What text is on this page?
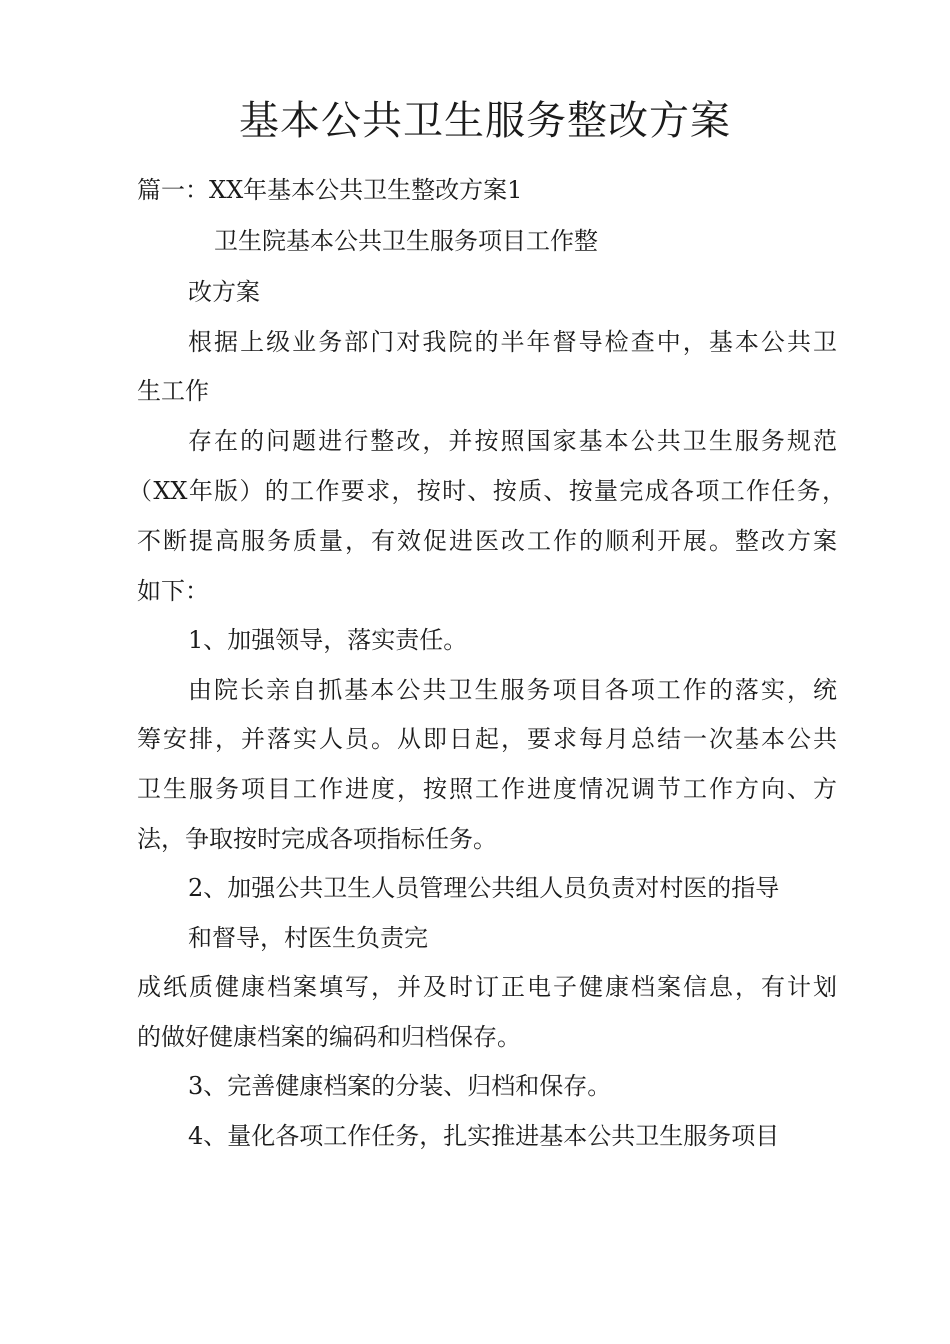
基本公共卫生服务整改方案
篇一：XX年基本公共卫生整改方案1
卫生院基本公共卫生服务项目工作整
改方案
根据上级业务部门对我院的半年督导检查中，基本公共卫
生工作
存在的问题进行整改，并按照国家基本公共卫生服务规范
（XX年版）的工作要求，按时、按质、按量完成各项工作任务，
不断提高服务质量，有效促进医改工作的顺利开展。整改方案
如下：
1、加强领导，落实责任。
由院长亲自抓基本公共卫生服务项目各项工作的落实，统
筹安排，并落实人员。从即日起，要求每月总结一次基本公共
卫生服务项目工作进度，按照工作进度情况调节工作方向、方
法，争取按时完成各项指标任务。
2、加强公共卫生人员管理公共组人员负责对村医的指导
和督导，村医生负责完
成纸质健康档案填写，并及时订正电子健康档案信息，有计划
的做好健康档案的编码和归档保存。
3、完善健康档案的分装、归档和保存。
4、量化各项工作任务，扎实推进基本公共卫生服务项目
